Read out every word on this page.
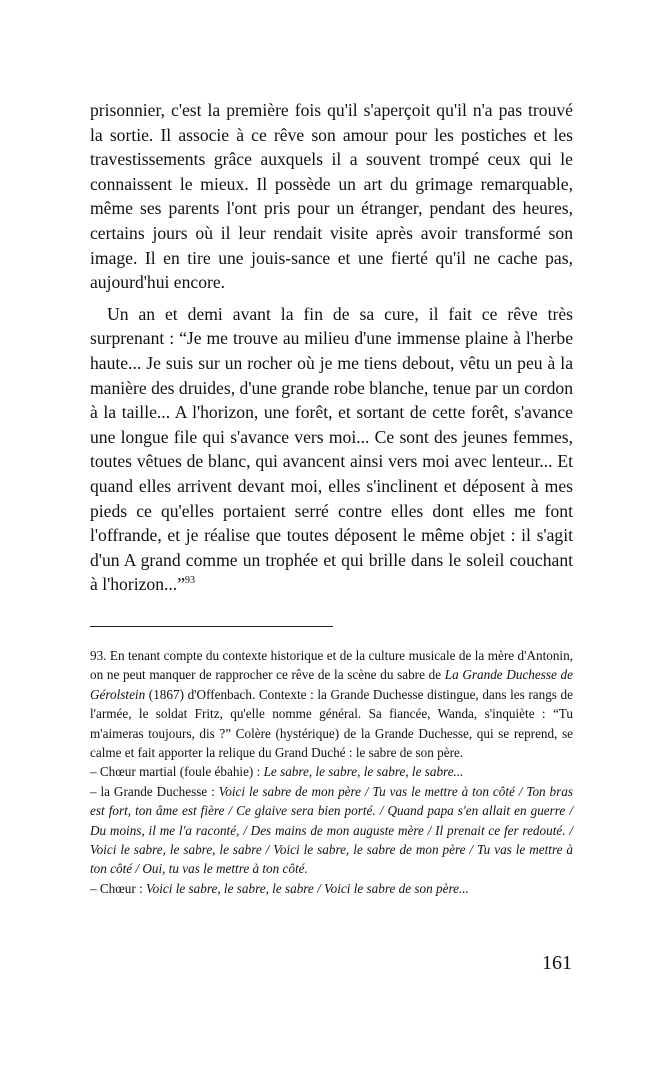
prisonnier, c'est la première fois qu'il s'aperçoit qu'il n'a pas trouvé la sortie. Il associe à ce rêve son amour pour les postiches et les travestissements grâce auxquels il a souvent trompé ceux qui le connaissent le mieux. Il possède un art du grimage remarquable, même ses parents l'ont pris pour un étranger, pendant des heures, certains jours où il leur rendait visite après avoir transformé son image. Il en tire une jouis-sance et une fierté qu'il ne cache pas, aujourd'hui encore.

Un an et demi avant la fin de sa cure, il fait ce rêve très surprenant : “Je me trouve au milieu d'une immense plaine à l'herbe haute... Je suis sur un rocher où je me tiens debout, vêtu un peu à la manière des druides, d'une grande robe blanche, tenue par un cordon à la taille... A l'horizon, une forêt, et sortant de cette forêt, s'avance une longue file qui s'avance vers moi... Ce sont des jeunes femmes, toutes vêtues de blanc, qui avancent ainsi vers moi avec lenteur... Et quand elles arrivent devant moi, elles s'inclinent et déposent à mes pieds ce qu'elles portaient serré contre elles dont elles me font l'offrande, et je réalise que toutes déposent le même objet : il s'agit d'un A grand comme un trophée et qui brille dans le soleil couchant à l'horizon...”$^{93}$

93. En tenant compte du contexte historique et de la culture musicale de la mère d'Antonin, on ne peut manquer de rapprocher ce rêve de la scène du sabre de La Grande Duchesse de Gérolstein (1867) d'Offenbach. Contexte : la Grande Duchesse distingue, dans les rangs de l'armée, le soldat Fritz, qu'elle nomme général. Sa fiancée, Wanda, s'inquiète : “Tu m'aimeras toujours, dis ?” Colère (hystérique) de la Grande Duchesse, qui se reprend, se calme et fait apporter la relique du Grand Duché : le sabre de son père.

– Chœur martial (foule ébahie) : Le sabre, le sabre, le sabre, le sabre...

– la Grande Duchesse : Voici le sabre de mon père / Tu vas le mettre à ton côté / Ton bras est fort, ton âme est fière / Ce glaive sera bien porté. / Quand papa s'en allait en guerre / Du moins, il me l'a raconté, / Des mains de mon auguste mère / Il prenait ce fer redouté. / Voici le sabre, le sabre, le sabre / Voici le sabre, le sabre de mon père / Tu vas le mettre à ton côté / Oui, tu vas le mettre à ton côté.

– Chœur : Voici le sabre, le sabre, le sabre / Voici le sabre de son père...

161
